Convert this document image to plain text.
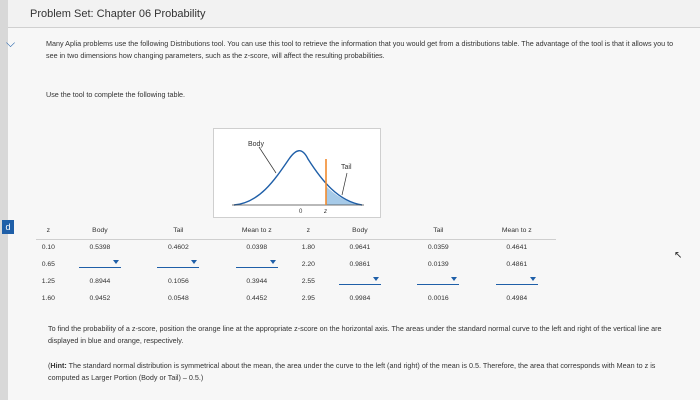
Problem Set: Chapter 06 Probability
⌵
d
Many Aplia problems use the following Distributions tool. You can use this tool to retrieve the information that you would get from a distributions table. The advantage of the tool is that it allows you to see in two dimensions how changing parameters, such as the z-score, will affect the resulting probabilities.
Use the tool to complete the following table.
Body
Tail
0	z
z	Body	Tail	Mean to z	z	Body	Tail	Mean to z
0.10	0.5398	0.4602	0.0398	1.80	0.9641	0.0359	0.4641
0.65				2.20	0.9861	0.0139	0.4861
1.25	0.8944	0.1056	0.3944	2.55	

1.60	0.9452	0.0548	0.4452	2.95	0.9984	0.0016	0.4984
↖
To find the probability of a z-score, position the orange line at the appropriate z-score on the horizontal axis. The areas under the standard normal curve to the left and right of the vertical line are displayed in blue and orange, respectively.
(Hint: The standard normal distribution is symmetrical about the mean, the area under the curve to the left (and right) of the mean is 0.5. Therefore, the area that corresponds with Mean to z is computed as Larger Portion (Body or Tail) – 0.5.)
